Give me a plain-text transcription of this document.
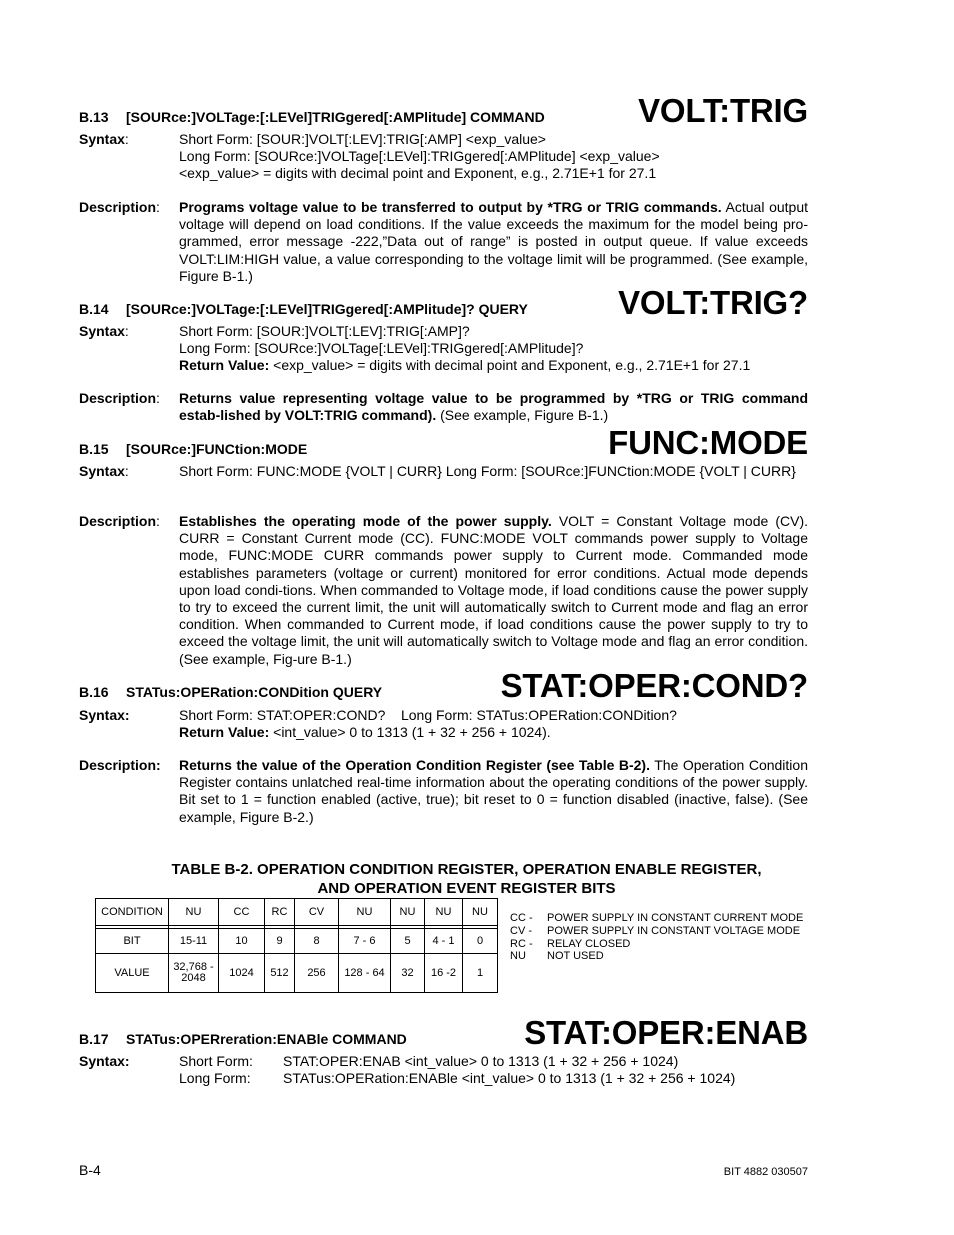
B.13 [SOURce:]VOLTage:[:LEVel]TRIGgered[:AMPlitude] COMMAND	VOLT:TRIG
Syntax:	Short Form: [SOUR:]VOLT[:LEV]:TRIG[:AMP] <exp_value>
Long Form: [SOURce:]VOLTage[:LEVel]:TRIGgered[:AMPlitude] <exp_value>
<exp_value> = digits with decimal point and Exponent, e.g., 2.71E+1 for 27.1
Description: Programs voltage value to be transferred to output by *TRG or TRIG commands. Actual output voltage will depend on load conditions. If the value exceeds the maximum for the model being pro-grammed, error message -222,”Data out of range” is posted in output queue. If value exceeds VOLT:LIM:HIGH value, a value corresponding to the voltage limit will be programmed. (See example, Figure B-1.)
B.14 [SOURce:]VOLTage:[:LEVel]TRIGgered[:AMPlitude]? QUERY	VOLT:TRIG?
Syntax:	Short Form: [SOUR:]VOLT[:LEV]:TRIG[:AMP]?
Long Form: [SOURce:]VOLTage[:LEVel]:TRIGgered[:AMPlitude]?
Return Value: <exp_value> = digits with decimal point and Exponent, e.g., 2.71E+1 for 27.1
Description: Returns value representing voltage value to be programmed by *TRG or TRIG command estab-lished by VOLT:TRIG command). (See example, Figure B-1.)
B.15 [SOURce:]FUNCtion:MODE	FUNC:MODE
Syntax:	Short Form: FUNC:MODE {VOLT | CURR} Long Form: [SOURce:]FUNCtion:MODE {VOLT | CURR}
Description: Establishes the operating mode of the power supply. VOLT = Constant Voltage mode (CV). CURR = Constant Current mode (CC). FUNC:MODE VOLT commands power supply to Voltage mode, FUNC:MODE CURR commands power supply to Current mode. Commanded mode establishes parameters (voltage or current) monitored for error conditions. Actual mode depends upon load condi-tions. When commanded to Voltage mode, if load conditions cause the power supply to try to exceed the current limit, the unit will automatically switch to Current mode and flag an error condition. When commanded to Current mode, if load conditions cause the power supply to try to exceed the voltage limit, the unit will automatically switch to Voltage mode and flag an error condition. (See example, Fig-ure B-1.)
B.16 STATus:OPERation:CONDition QUERY	STAT:OPER:COND?
Syntax:	Short Form: STAT:OPER:COND?    Long Form: STATus:OPERation:CONDition?
Return Value: <int_value> 0 to 1313 (1 + 32 + 256 + 1024).
Description: Returns the value of the Operation Condition Register (see Table B-2). The Operation Condition Register contains unlatched real-time information about the operating conditions of the power supply. Bit set to 1 = function enabled (active, true); bit reset to 0 = function disabled (inactive, false). (See example, Figure B-2.)
TABLE B-2. OPERATION CONDITION REGISTER, OPERATION ENABLE REGISTER,
AND OPERATION EVENT REGISTER BITS
CONDITION	NU	CC	RC	CV	NU	NU	NU	NU

BIT	15-11	10	9	8	7 - 6	5	4 - 1	0
VALUE	32,768 - 2048	1024	512	256	128 - 64	32	16 -2	1
CC - POWER SUPPLY IN CONSTANT CURRENT MODE
CV - POWER SUPPLY IN CONSTANT VOLTAGE MODE
RC - RELAY CLOSED
NU NOT USED
B.17 STATus:OPERreration:ENABle COMMAND	STAT:OPER:ENAB
Syntax:	Short Form: STAT:OPER:ENAB <int_value> 0 to 1313 (1 + 32 + 256 + 1024)
Long Form: STATus:OPERation:ENABle <int_value> 0 to 1313 (1 + 32 + 256 + 1024)
B-4	BIT 4882 030507
